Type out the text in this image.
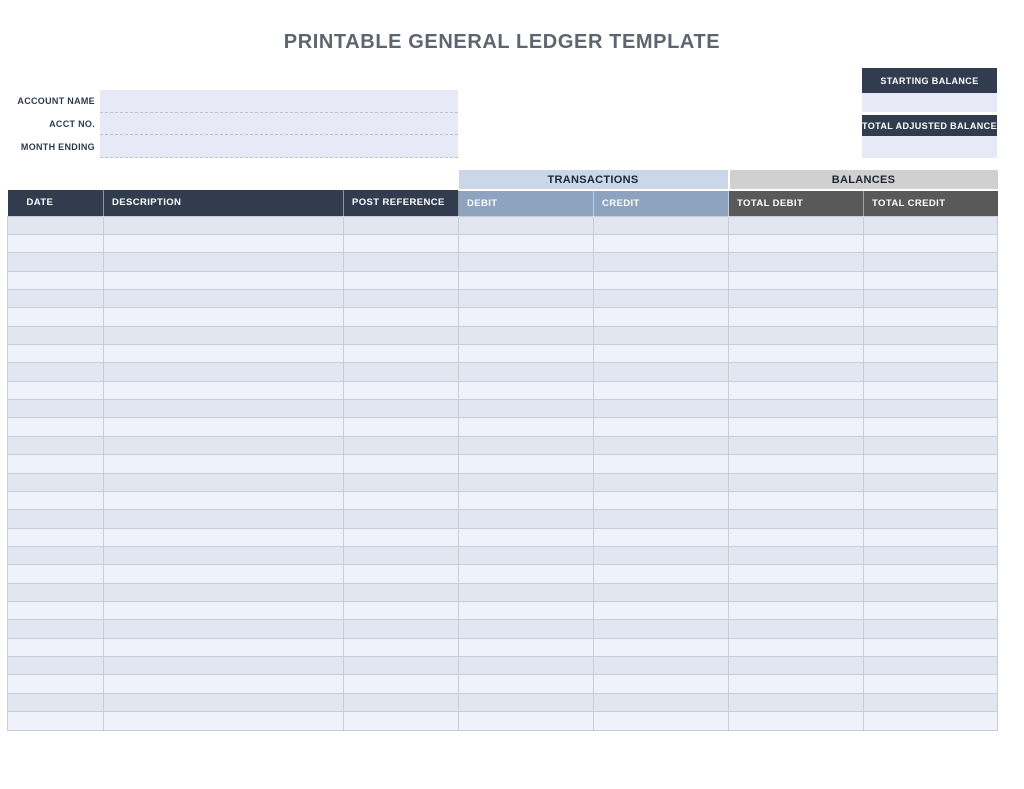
PRINTABLE GENERAL LEDGER TEMPLATE
STARTING BALANCE
TOTAL ADJUSTED BALANCE
ACCOUNT NAME
ACCT NO.
MONTH ENDING
			TRANSACTIONS		BALANCES	
DATE	DESCRIPTION	POST REFERENCE	DEBIT	CREDIT	TOTAL DEBIT	TOTAL CREDIT
